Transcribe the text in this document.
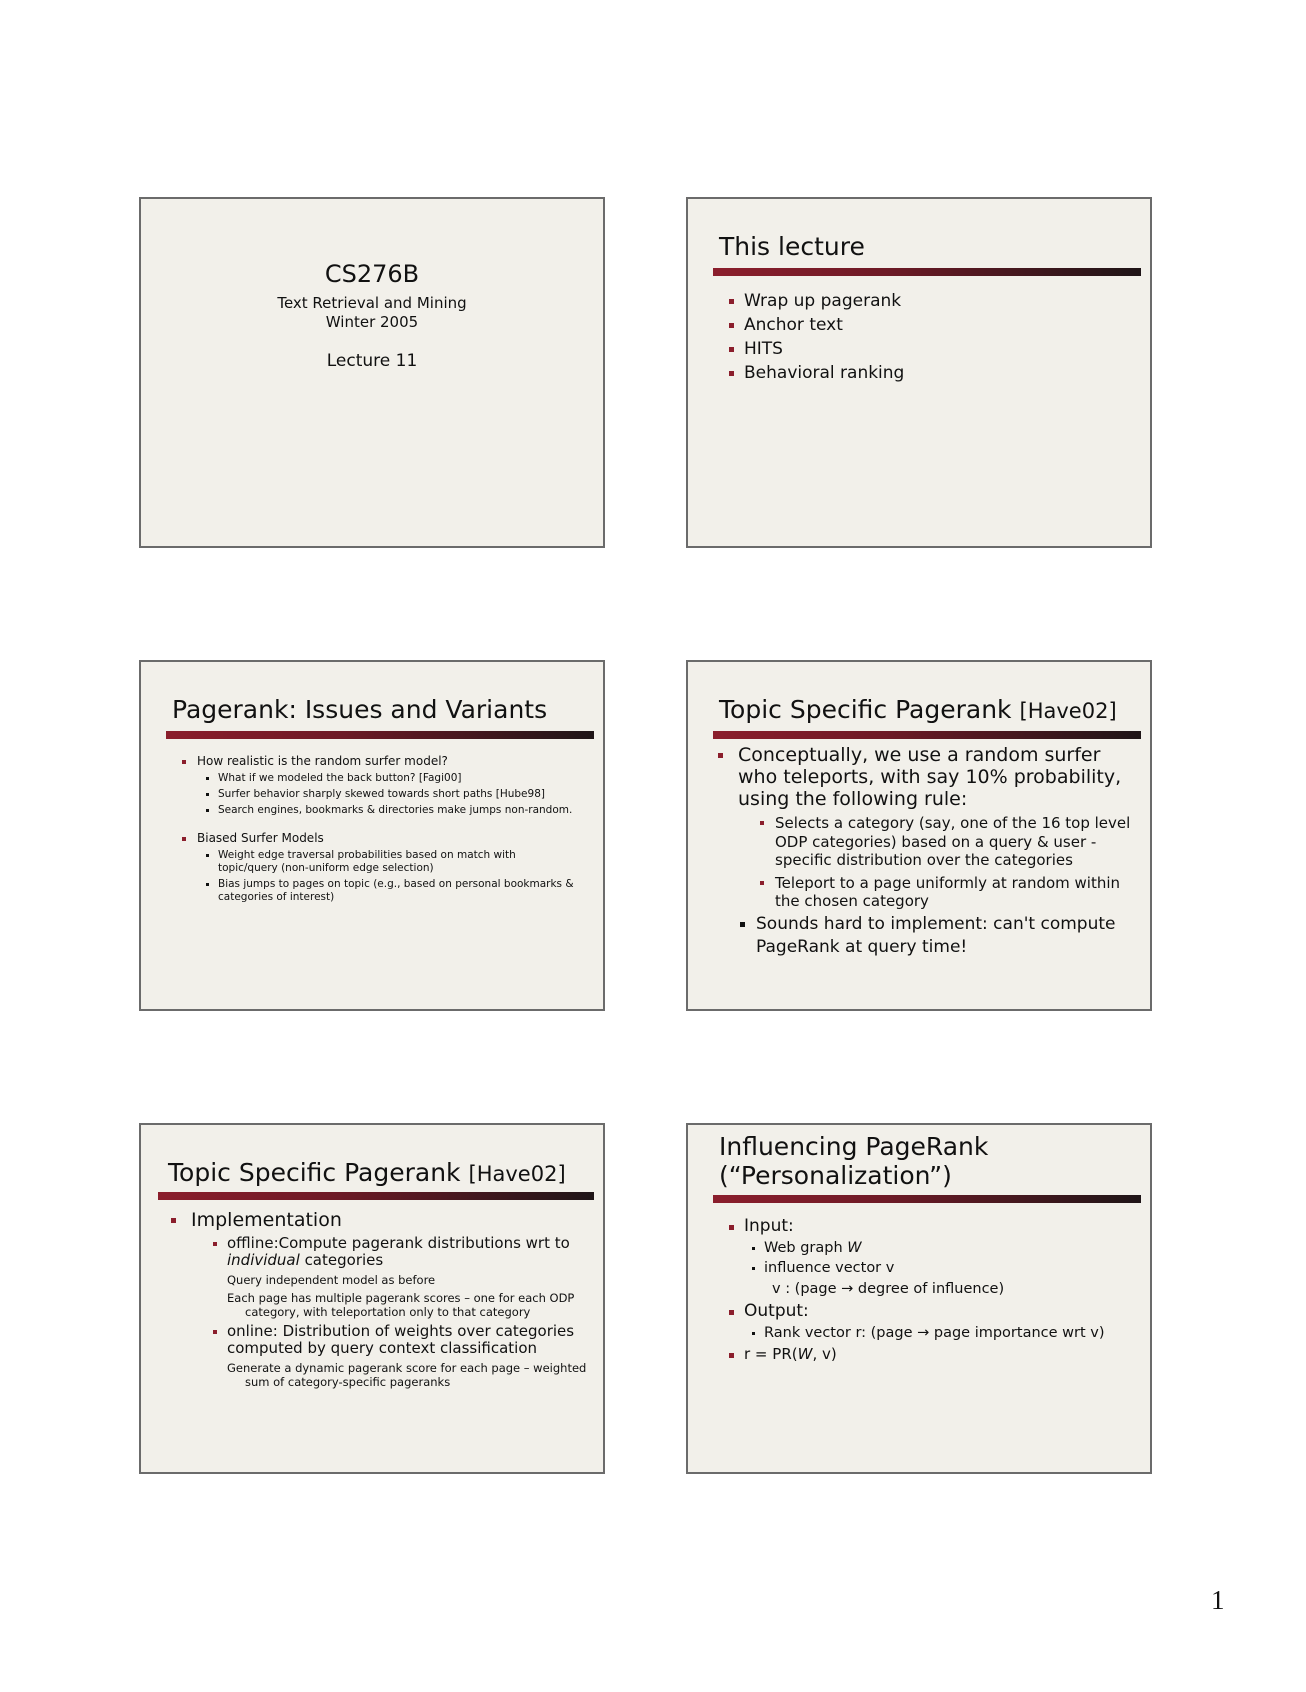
CS276B
Text Retrieval and Mining
Winter 2005
Lecture 11
This lecture
Wrap up pagerank
Anchor text
HITS
Behavioral ranking
Pagerank: Issues and Variants
How realistic is the random surfer model?
What if we modeled the back button? [Fagi00]
Surfer behavior sharply skewed towards short paths [Hube98]
Search engines, bookmarks & directories make jumps non-random.
Biased Surfer Models
Weight edge traversal probabilities based on match with topic/query (non-uniform edge selection)
Bias jumps to pages on topic (e.g., based on personal bookmarks & categories of interest)
Topic Specific Pagerank [Have02]
Conceptually, we use a random surfer who teleports, with say 10% probability, using the following rule:
Selects a category (say, one of the 16 top level ODP categories) based on a query & user -specific distribution over the categories
Teleport to a page uniformly at random within the chosen category
Sounds hard to implement: can't compute PageRank at query time!
Topic Specific Pagerank [Have02]
Implementation
offline:Compute pagerank distributions wrt to individual categories
Query independent model as before
Each page has multiple pagerank scores – one for each ODP category, with teleportation only to that category
online: Distribution of weights over categories computed by query context classification
Generate a dynamic pagerank score for each page – weighted sum of category-specific pageranks
Influencing PageRank
(“Personalization”)
Input:
Web graph W
influence vector v
v : (page → degree of influence)
Output:
Rank vector r: (page → page importance wrt v)
r = PR(W, v)
1
